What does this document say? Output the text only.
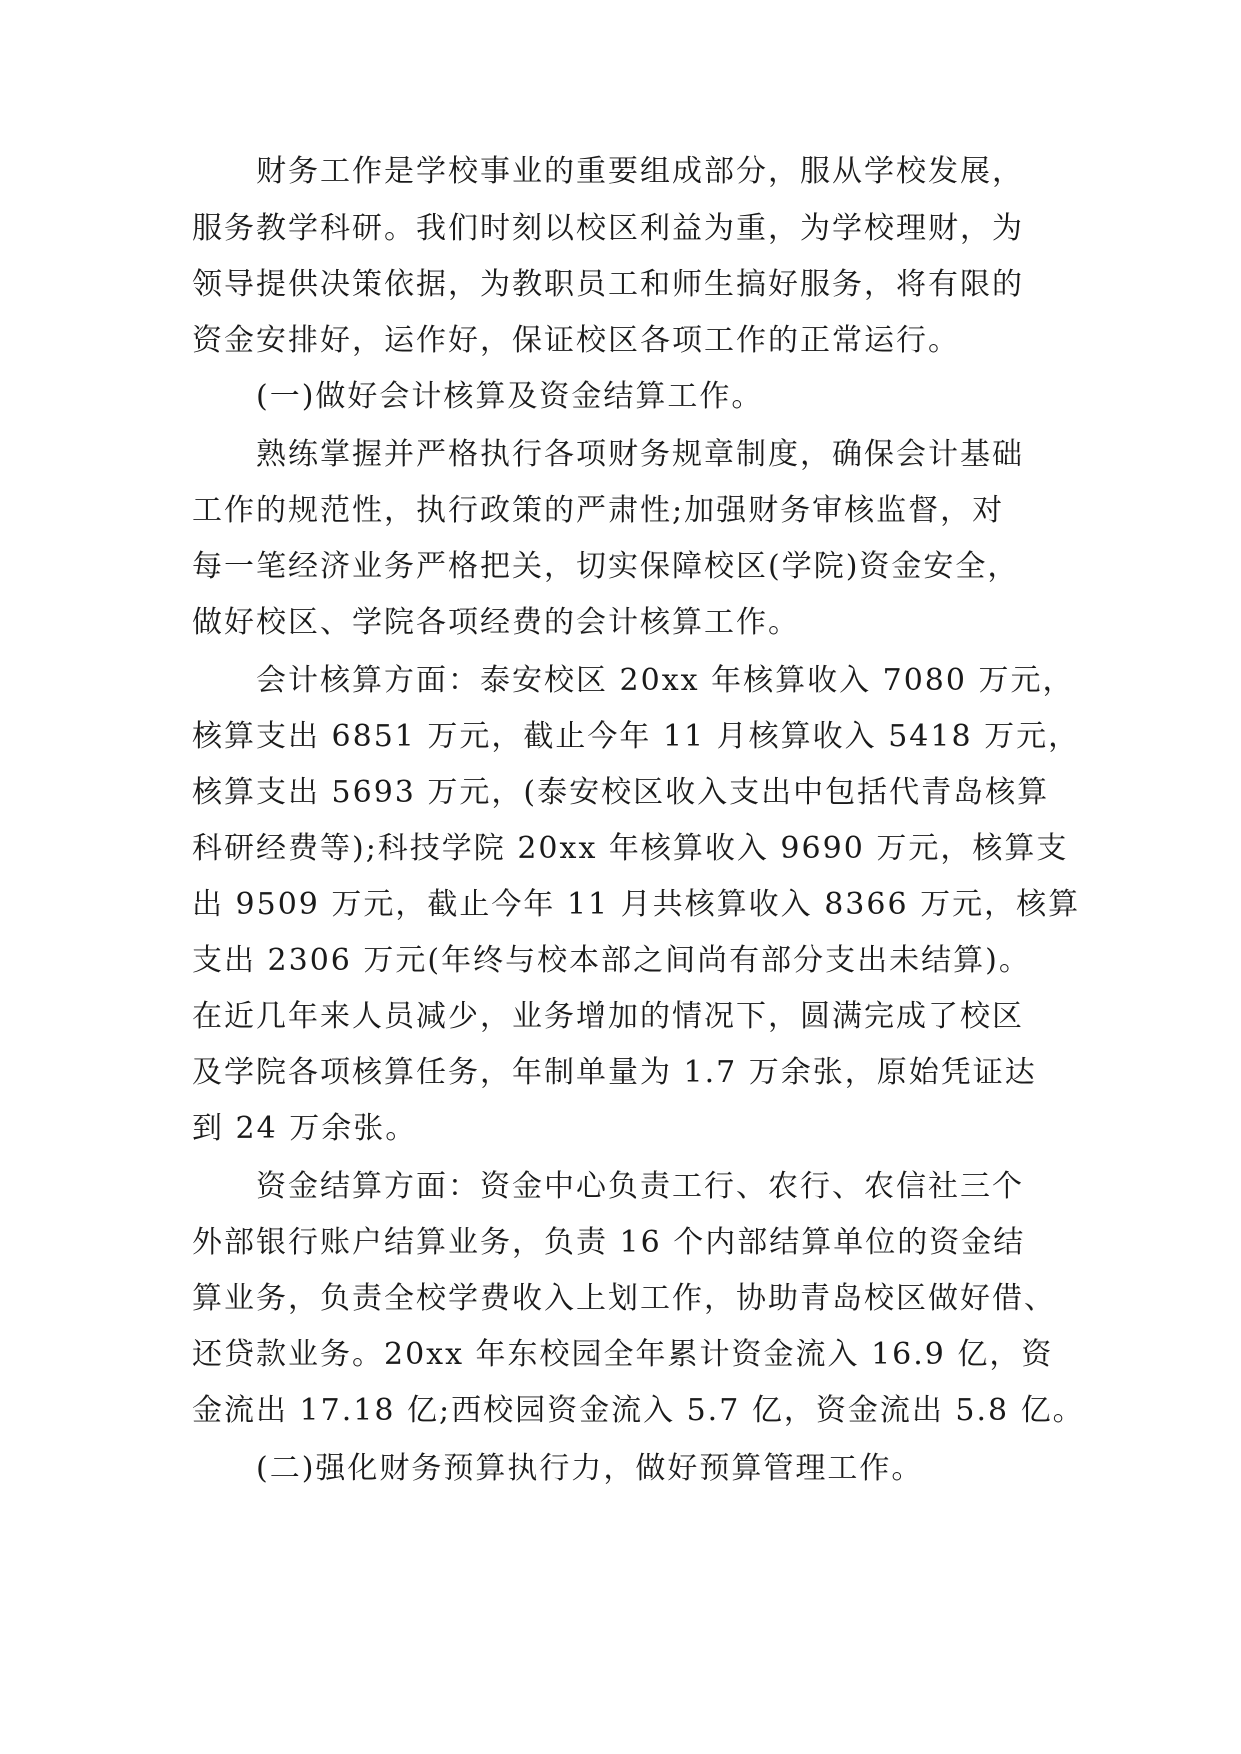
财务工作是学校事业的重要组成部分，服从学校发展，
服务教学科研。我们时刻以校区利益为重，为学校理财，为
领导提供决策依据，为教职员工和师生搞好服务，将有限的
资金安排好，运作好，保证校区各项工作的正常运行。
(一)做好会计核算及资金结算工作。
熟练掌握并严格执行各项财务规章制度，确保会计基础
工作的规范性，执行政策的严肃性;加强财务审核监督，对
每一笔经济业务严格把关，切实保障校区(学院)资金安全，
做好校区、学院各项经费的会计核算工作。
会计核算方面：泰安校区 20xx 年核算收入 7080 万元，
核算支出 6851 万元，截止今年 11 月核算收入 5418 万元，
核算支出 5693 万元，(泰安校区收入支出中包括代青岛核算
科研经费等);科技学院 20xx 年核算收入 9690 万元，核算支
出 9509 万元，截止今年 11 月共核算收入 8366 万元，核算
支出 2306 万元(年终与校本部之间尚有部分支出未结算)。
在近几年来人员减少，业务增加的情况下，圆满完成了校区
及学院各项核算任务，年制单量为 1.7 万余张，原始凭证达
到 24 万余张。
资金结算方面：资金中心负责工行、农行、农信社三个
外部银行账户结算业务，负责 16 个内部结算单位的资金结
算业务，负责全校学费收入上划工作，协助青岛校区做好借、
还贷款业务。20xx 年东校园全年累计资金流入 16.9 亿，资
金流出 17.18 亿;西校园资金流入 5.7 亿，资金流出 5.8 亿。
(二)强化财务预算执行力，做好预算管理工作。
